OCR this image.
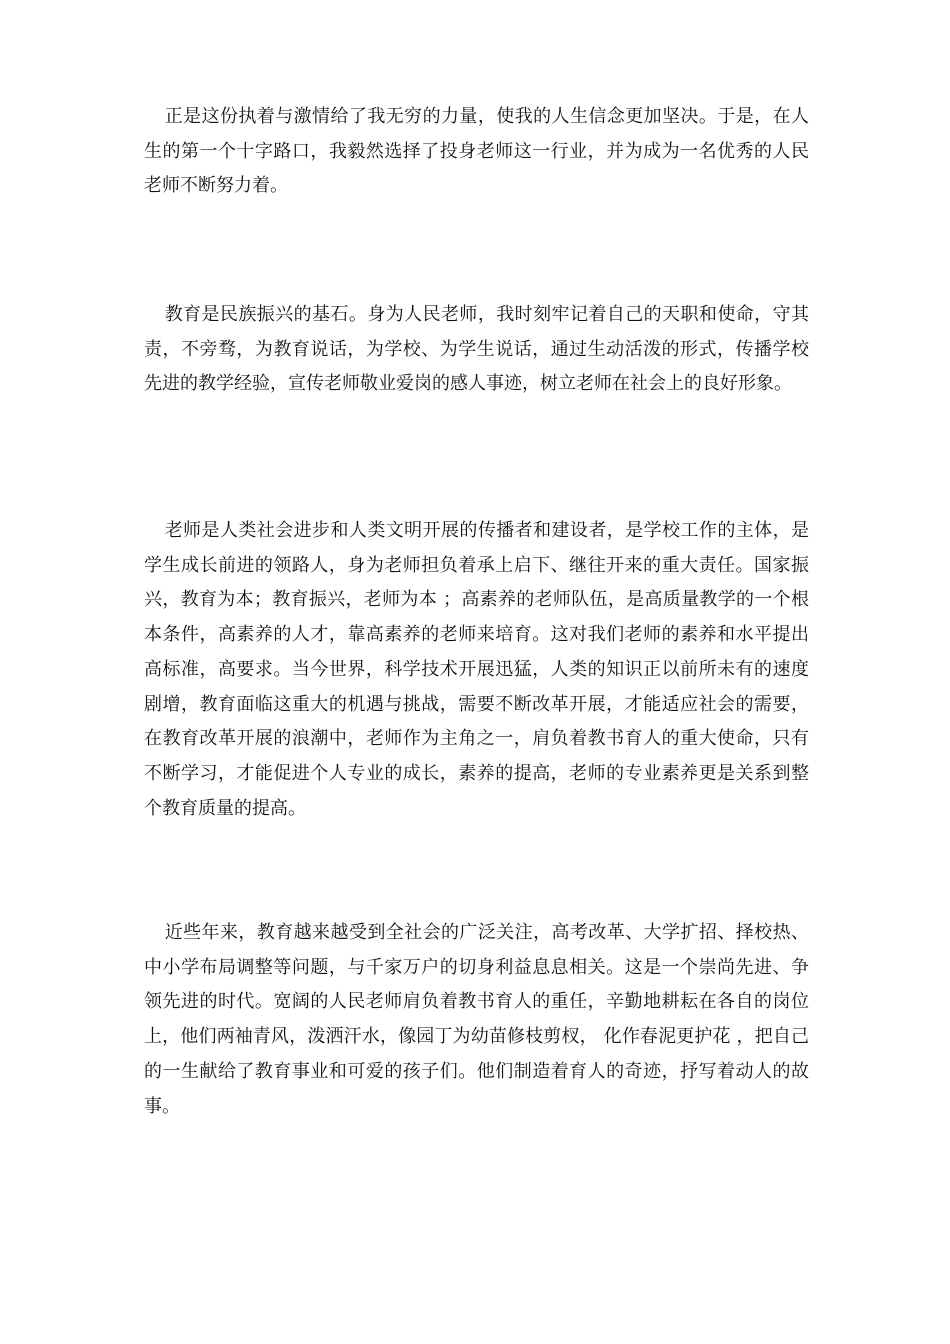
正是这份执着与激情给了我无穷的力量，使我的人生信念更加坚决。于是，在人生的第一个十字路口，我毅然选择了投身老师这一行业，并为成为一名优秀的人民老师不断努力着。

教育是民族振兴的基石。身为人民老师，我时刻牢记着自己的天职和使命，守其责，不旁骛，为教育说话，为学校、为学生说话，通过生动活泼的形式，传播学校先进的教学经验，宣传老师敬业爱岗的感人事迹，树立老师在社会上的良好形象。

老师是人类社会进步和人类文明开展的传播者和建设者，是学校工作的主体，是学生成长前进的领路人，身为老师担负着承上启下、继往开来的重大责任。国家振兴，教育为本；教育振兴，老师为本 ；高素养的老师队伍，是高质量教学的一个根本条件，高素养的人才，靠高素养的老师来培育。这对我们老师的素养和水平提出高标准，高要求。当今世界，科学技术开展迅猛，人类的知识正以前所未有的速度剧增，教育面临这重大的机遇与挑战，需要不断改革开展，才能适应社会的需要，在教育改革开展的浪潮中，老师作为主角之一，肩负着教书育人的重大使命，只有不断学习，才能促进个人专业的成长，素养的提高，老师的专业素养更是关系到整个教育质量的提高。

近些年来，教育越来越受到全社会的广泛关注，高考改革、大学扩招、择校热、中小学布局调整等问题，与千家万户的切身利益息息相关。这是一个崇尚先进、争领先进的时代。宽阔的人民老师肩负着教书育人的重任，辛勤地耕耘在各自的岗位上，他们两袖青风，泼洒汗水，像园丁为幼苗修枝剪杈， 化作春泥更护花 ，把自己的一生献给了教育事业和可爱的孩子们。他们制造着育人的奇迹，抒写着动人的故事。
